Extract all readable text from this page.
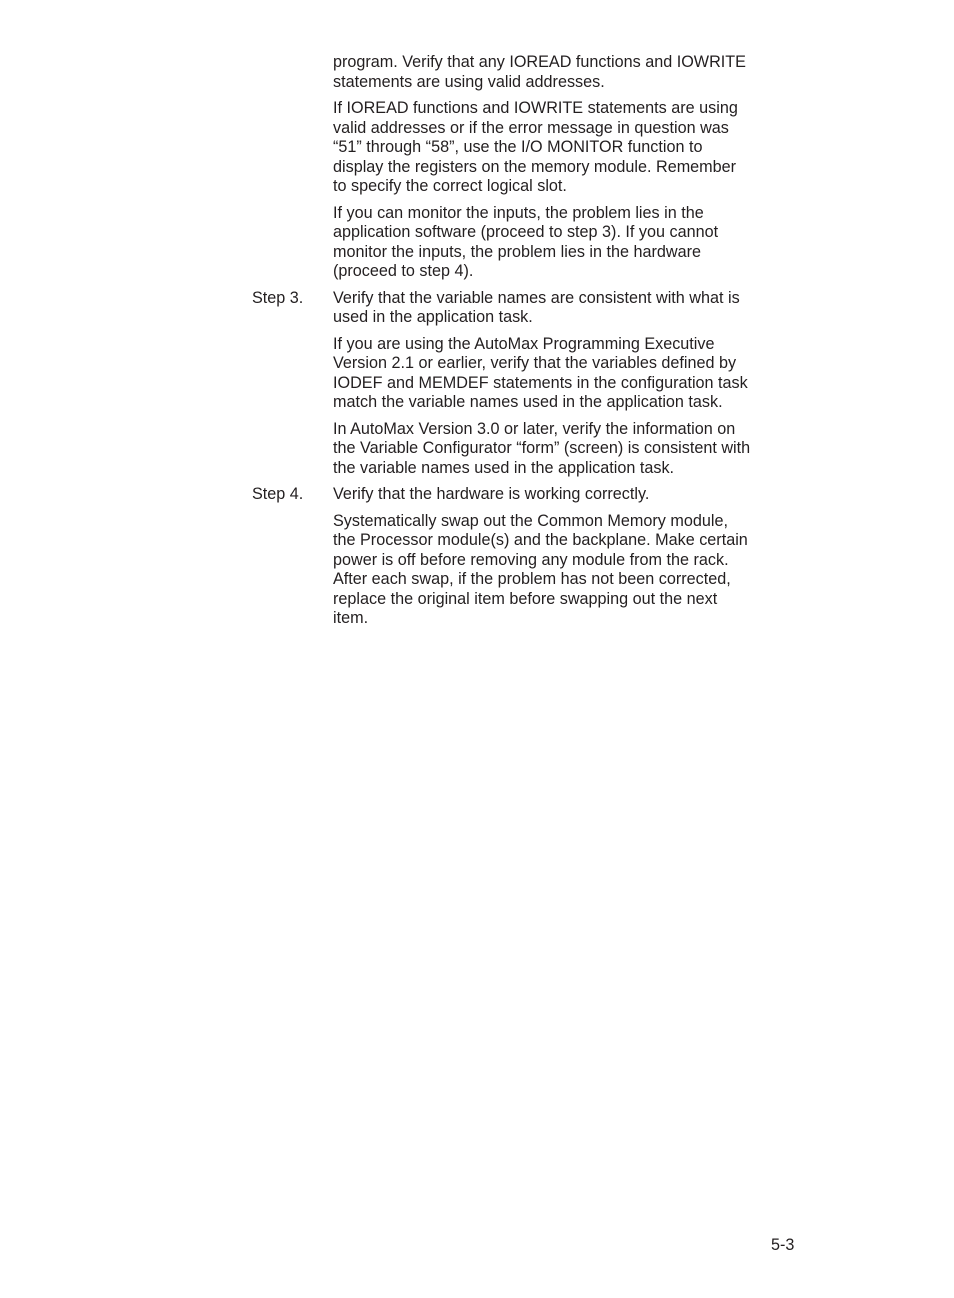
program. Verify that any IOREAD functions and IOWRITE
statements are using valid addresses.

If IOREAD functions and IOWRITE statements are using
valid addresses or if the error message in question was
“51” through “58”, use the I/O MONITOR function to
display the registers on the memory module. Remember
to specify the correct logical slot.

If you can monitor the inputs, the problem lies in the
application software (proceed to step 3). If you cannot
monitor the inputs, the problem lies in the hardware
(proceed to step 4).

Step 3.	Verify that the variable names are consistent with what is
used in the application task.

If you are using the AutoMax Programming Executive
Version 2.1 or earlier, verify that the variables defined by
IODEF and MEMDEF statements in the configuration task
match the variable names used in the application task.

In AutoMax Version 3.0 or later, verify the information on
the Variable Configurator “form” (screen) is consistent with
the variable names used in the application task.

Step 4.	Verify that the hardware is working correctly.

Systematically swap out the Common Memory module,
the Processor module(s) and the backplane. Make certain
power is off before removing any module from the rack.
After each swap, if the problem has not been corrected,
replace the original item before swapping out the next
item.

5-3
